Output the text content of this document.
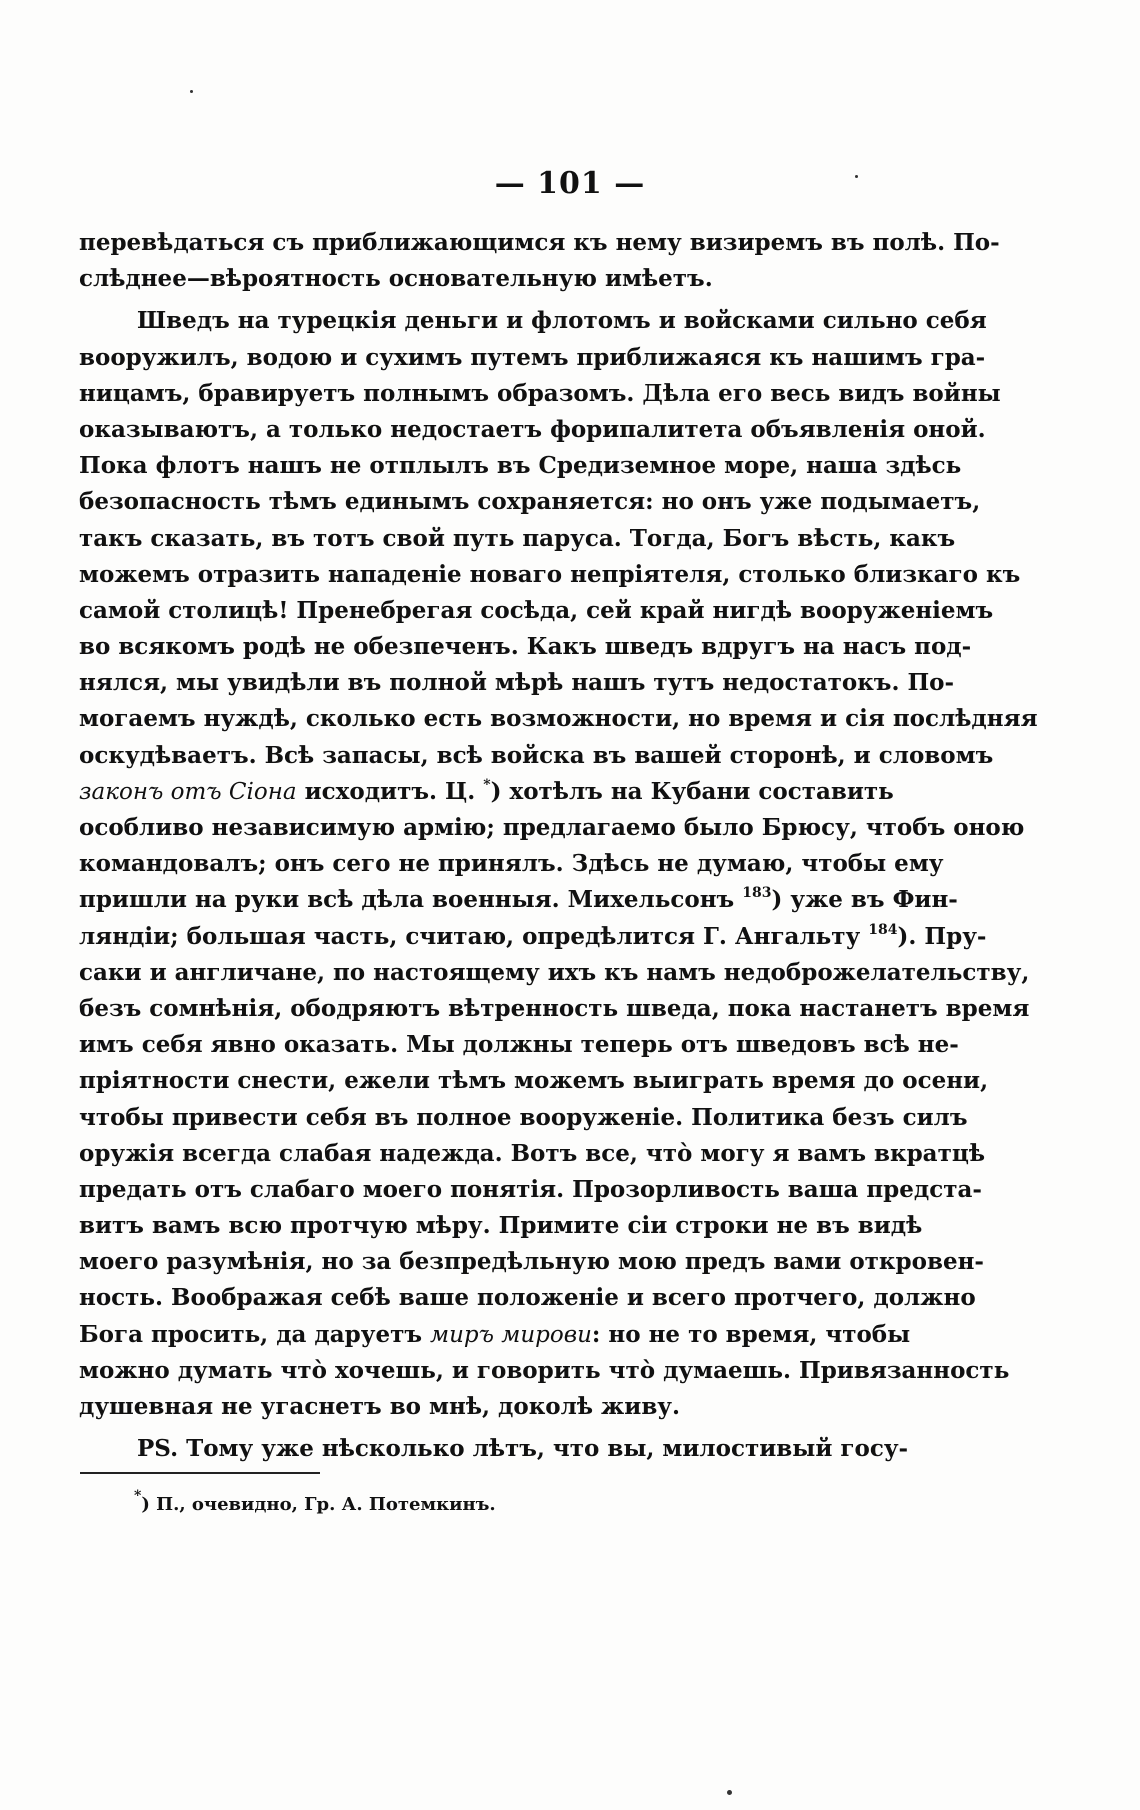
— 101 —
перевѣдаться съ приближающимся къ нему визиремъ въ полѣ. По-
слѣднее—вѣроятность основательную имѣетъ.
Шведъ на турецкія деньги и флотомъ и войсками сильно себя
вооружилъ, водою и сухимъ путемъ приближаяся къ нашимъ гра-
ницамъ, бравируетъ полнымъ образомъ. Дѣла его весь видъ войны
оказываютъ, а только недостаетъ форипалитета объявленія оной.
Пока флотъ нашъ не отплылъ въ Средиземное море, наша здѣсь
безопасность тѣмъ единымъ сохраняется: но онъ уже подымаетъ,
такъ сказать, въ тотъ свой путь паруса. Тогда, Богъ вѣсть, какъ
можемъ отразить нападеніе новаго непріятеля, столько близкаго къ
самой столицѣ! Пренебрегая сосѣда, сей край нигдѣ вооруженіемъ
во всякомъ родѣ не обезпеченъ. Какъ шведъ вдругъ на насъ под-
нялся, мы увидѣли въ полной мѣрѣ нашъ тутъ недостатокъ. По-
могаемъ нуждѣ, сколько есть возможности, но время и сія послѣдняя
оскудѣваетъ. Всѣ запасы, всѣ войска въ вашей сторонѣ, и словомъ
законъ отъ Сіона исходитъ. Ц. *) хотѣлъ на Кубани составить
особливо независимую армію; предлагаемо было Брюсу, чтобъ оною
командовалъ; онъ сего не принялъ. Здѣсь не думаю, чтобы ему
пришли на руки всѣ дѣла военныя. Михельсонъ $^{183}$) уже въ Фин-
ляндіи; большая часть, считаю, опредѣлится Г. Ангальту $^{184}$). Пру-
саки и англичане, по настоящему ихъ къ намъ недоброжелательству,
безъ сомнѣнія, ободряютъ вѣтренность шведа, пока настанетъ время
имъ себя явно оказать. Мы должны теперь отъ шведовъ всѣ не-
пріятности снести, ежели тѣмъ можемъ выиграть время до осени,
чтобы привести себя въ полное вооруженіе. Политика безъ силъ
оружія всегда слабая надежда. Вотъ все, что̀ могу я вамъ вкратцѣ
предать отъ слабаго моего понятія. Прозорливость ваша предста-
витъ вамъ всю протчую мѣру. Примите сіи строки не въ видѣ
моего разумѣнія, но за безпредѣльную мою предъ вами откровен-
ность. Воображая себѣ ваше положеніе и всего протчего, должно
Бога просить, да даруетъ миръ мирови: но не то время, чтобы
можно думать что̀ хочешь, и говорить что̀ думаешь. Привязанность
душевная не угаснетъ во мнѣ, доколѣ живу.
PS. Тому уже нѣсколько лѣтъ, что вы, милостивый госу-
*) П., очевидно, Гр. А. Потемкинъ.
